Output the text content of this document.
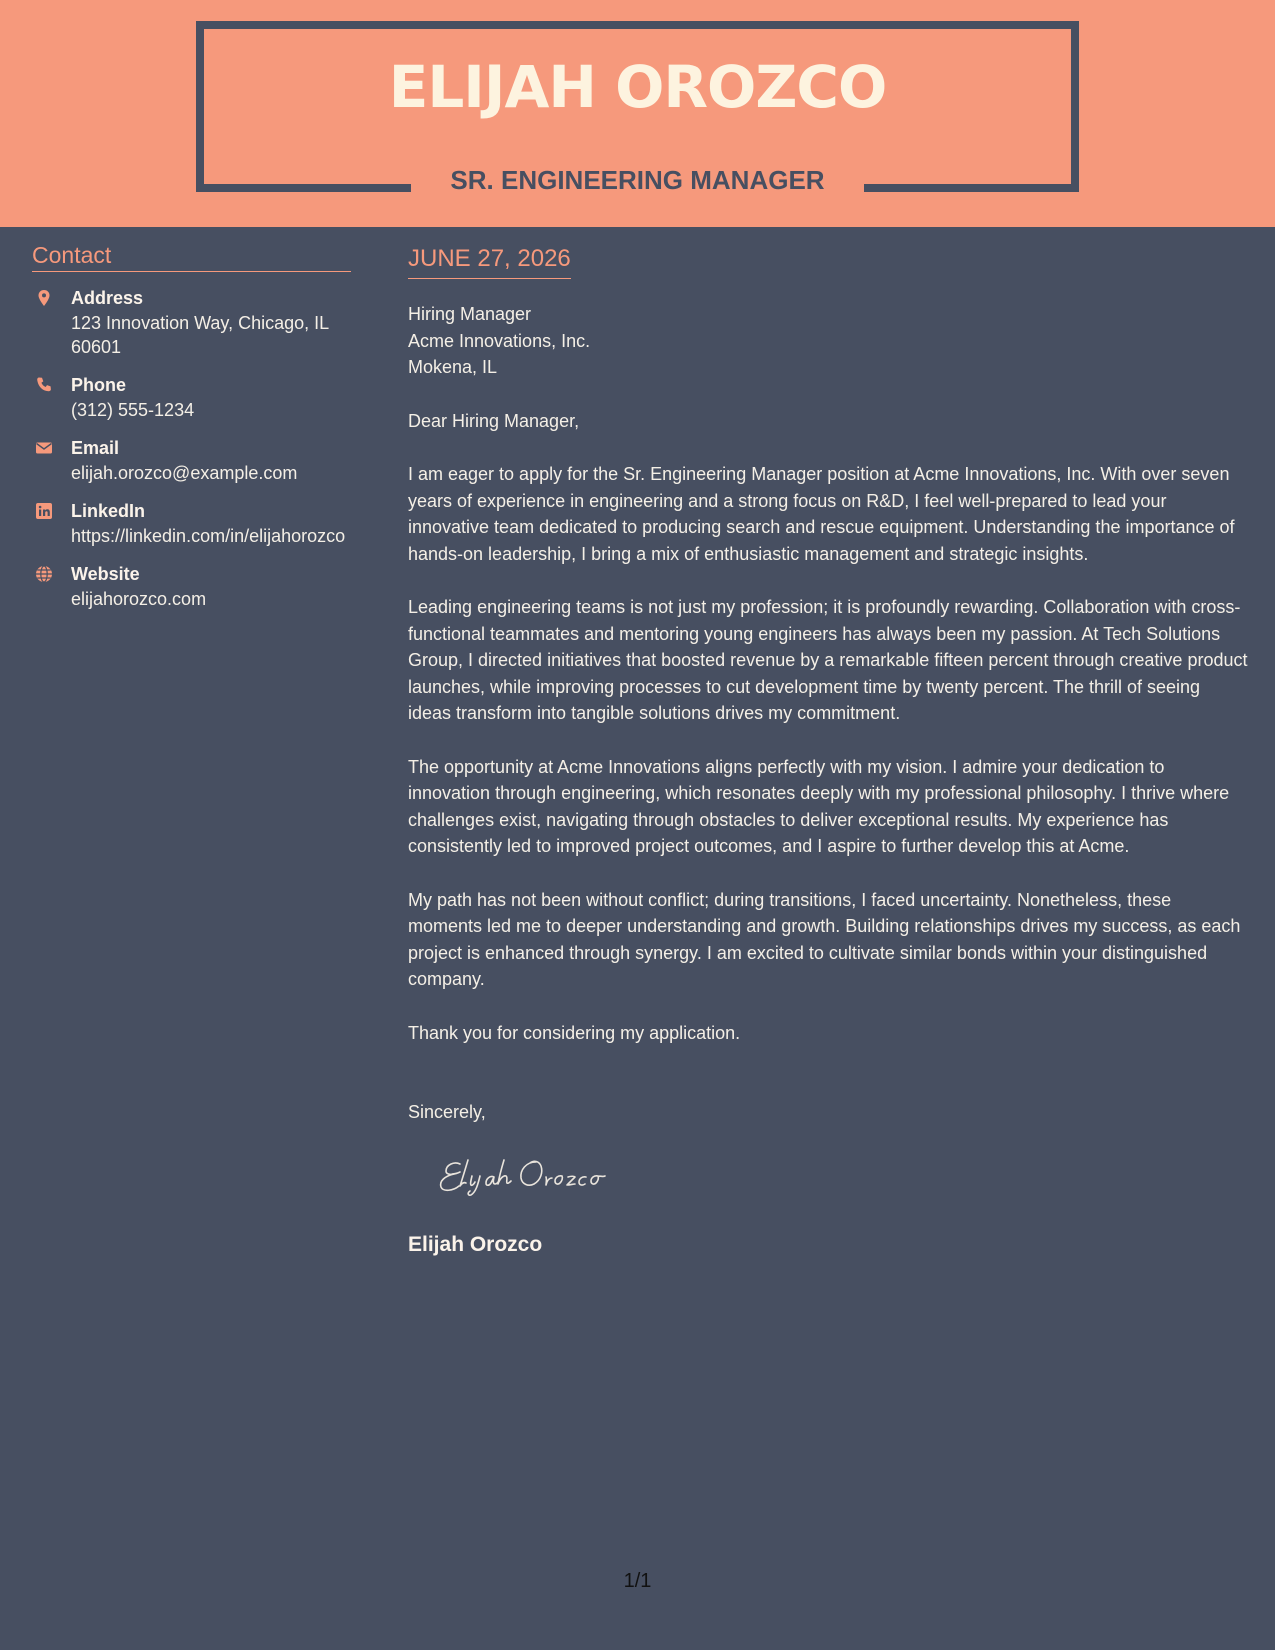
ELIJAH OROZCO
SR. ENGINEERING MANAGER
Contact
Address
123 Innovation Way, Chicago, IL 60601
Phone
(312) 555-1234
Email
elijah.orozco@example.com
LinkedIn
https://linkedin.com/in/elijahorozco
Website
elijahorozco.com
JUNE 27, 2026
Hiring Manager
Acme Innovations, Inc.
Mokena, IL
Dear Hiring Manager,
I am eager to apply for the Sr. Engineering Manager position at Acme Innovations, Inc. With over seven years of experience in engineering and a strong focus on R&D, I feel well-prepared to lead your innovative team dedicated to producing search and rescue equipment. Understanding the importance of hands-on leadership, I bring a mix of enthusiastic management and strategic insights.
Leading engineering teams is not just my profession; it is profoundly rewarding. Collaboration with cross-functional teammates and mentoring young engineers has always been my passion. At Tech Solutions Group, I directed initiatives that boosted revenue by a remarkable fifteen percent through creative product launches, while improving processes to cut development time by twenty percent. The thrill of seeing ideas transform into tangible solutions drives my commitment.
The opportunity at Acme Innovations aligns perfectly with my vision. I admire your dedication to innovation through engineering, which resonates deeply with my professional philosophy. I thrive where challenges exist, navigating through obstacles to deliver exceptional results. My experience has consistently led to improved project outcomes, and I aspire to further develop this at Acme.
My path has not been without conflict; during transitions, I faced uncertainty. Nonetheless, these moments led me to deeper understanding and growth. Building relationships drives my success, as each project is enhanced through synergy. I am excited to cultivate similar bonds within your distinguished company.
Thank you for considering my application.
Sincerely,
Elijah Orozco
1/1
